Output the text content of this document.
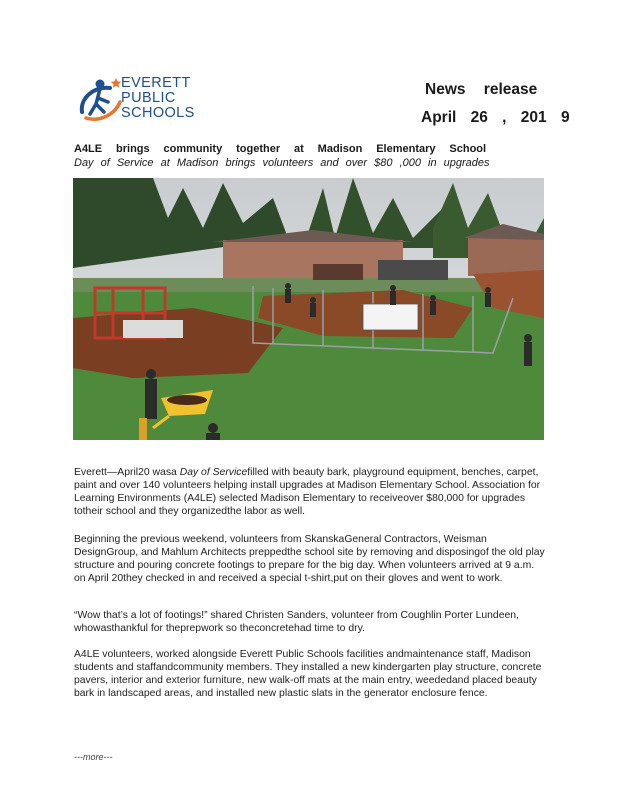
EVERETT
PUBLIC
SCHOOLS
News release
April 26 , 201 9
A4LE brings community together at Madison Elementary School
Day of Service at Madison brings volunteers and over $80 ,000 in upgrades

Everett—April20 wasa Day of Servicefilled with beauty bark, playground equipment, benches, carpet, paint and over 140 volunteers helping install upgrades at Madison Elementary School. Association for Learning Environments (A4LE) selected Madison Elementary to receiveover $80,000 for upgrades totheir school and they organizedthe labor as well.

Beginning the previous weekend, volunteers from SkanskaGeneral Contractors, Weisman DesignGroup, and Mahlum Architects preppedthe school site by removing and disposingof the old play structure and pouring concrete footings to prepare for the big day. When volunteers arrived at 9 a.m. on April 20they checked in and received a special t-shirt,put on their gloves and went to work.

“Wow that’s a lot of footings!” shared Christen Sanders, volunteer from Coughlin Porter Lundeen, whowasthankful for theprepwork so theconcretehad time to dry.

A4LE volunteers, worked alongside Everett Public Schools facilities andmaintenance staff, Madison students and staffandcommunity members. They installed a new kindergarten play structure, concrete pavers, interior and exterior furniture, new walk-off mats at the main entry, weededand placed beauty bark in landscaped areas, and installed new plastic slats in the generator enclosure fence.

---more---
